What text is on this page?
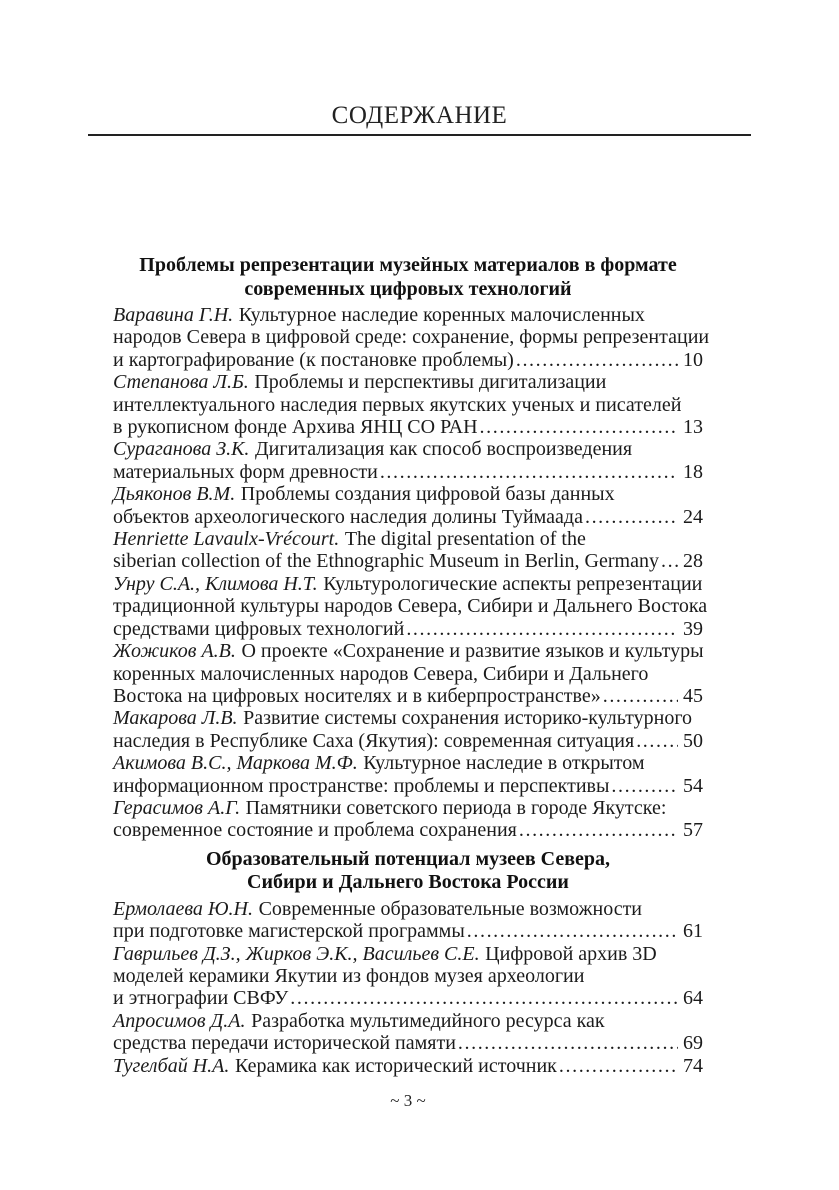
СОДЕРЖАНИЕ
Проблемы репрезентации музейных материалов в формате
современных цифровых технологий
Варавина Г.Н. Культурное наследие коренных малочисленных
народов Севера в цифровой среде: сохранение, формы репрезентации
и картографирование (к постановке проблемы) .....	10
Степанова Л.Б. Проблемы и перспективы дигитализации
интеллектуального наследия первых якутских ученых и писателей
в рукописном фонде Архива ЯНЦ СО РАН .....	13
Сураганова З.К. Дигитализация как способ воспроизведения
материальных форм древности .....	18
Дьяконов В.М. Проблемы создания цифровой базы данных
объектов археологического наследия долины Туймаада .....	24
Henriette Lavaulx-Vrécourt. The digital presentation of the
siberian collection of the Ethnographic Museum in Berlin, Germany ..... 28
Унру С.А., Климова Н.Т. Культурологические аспекты репрезентации
традиционной культуры народов Севера, Сибири и Дальнего Востока
средствами цифровых технологий .....	39
Жожиков А.В. О проекте «Сохранение и развитие языков и культуры
коренных малочисленных народов Севера, Сибири и Дальнего
Востока на цифровых носителях и в киберпространстве» .....	45
Макарова Л.В. Развитие системы сохранения историко-культурного
наследия в Республике Саха (Якутия): современная ситуация ..... 50
Акимова В.С., Маркова М.Ф. Культурное наследие в открытом
информационном пространстве: проблемы и перспективы .....	54
Герасимов А.Г. Памятники советского периода в городе Якутске:
современное состояние и проблема сохранения .....	57
Образовательный потенциал музеев Севера,
Сибири и Дальнего Востока России
Ермолаева Ю.Н. Современные образовательные возможности
при подготовке магистерской программы .....	61
Гаврильев Д.З., Жирков Э.К., Васильев С.Е. Цифровой архив 3D
моделей керамики Якутии из фондов музея археологии
и этнографии СВФУ .....	64
Апросимов Д.А. Разработка мультимедийного ресурса как
средства передачи исторической памяти .....	69
Тугелбай Н.А. Керамика как исторический источник .....	74
~ 3 ~
